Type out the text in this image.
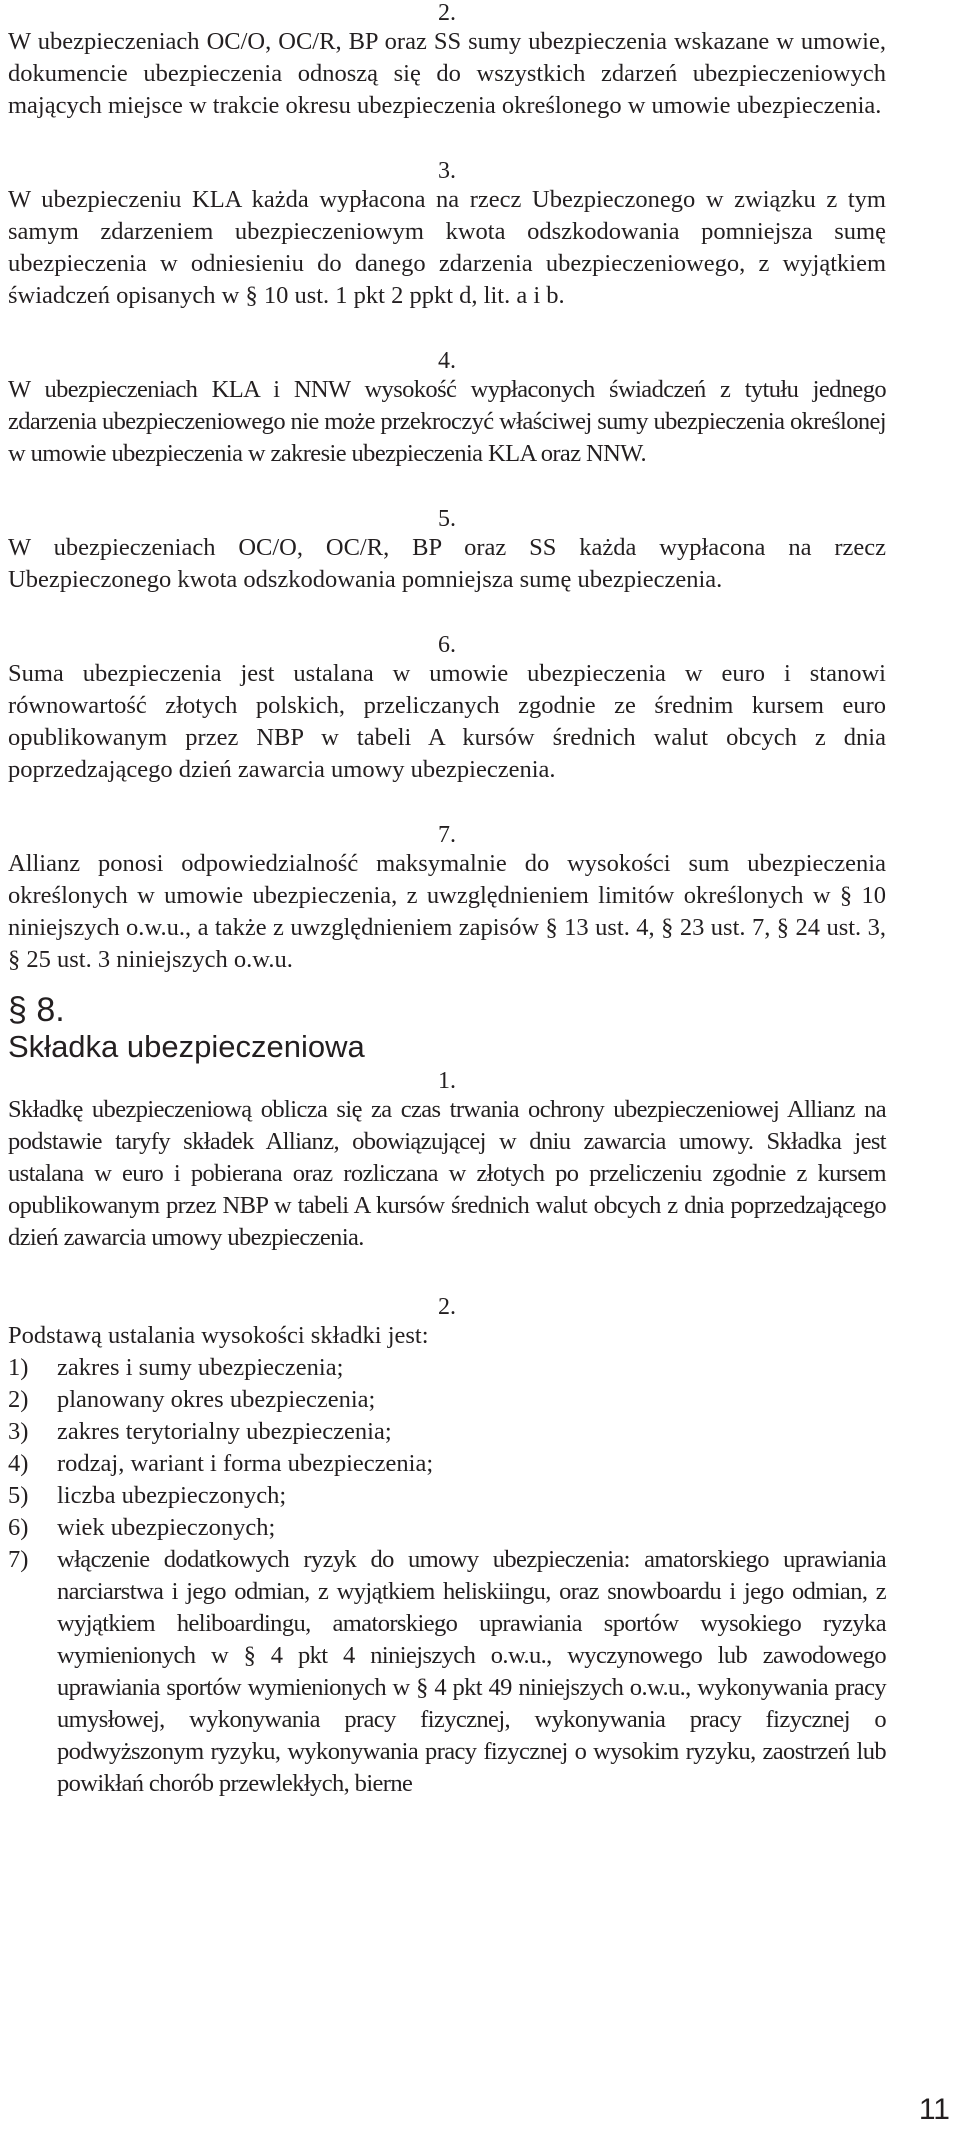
2.

W ubezpieczeniach OC/O, OC/R, BP oraz SS sumy ubezpieczenia wskazane w umowie, dokumencie ubezpieczenia odnoszą się do wszystkich zdarzeń ubezpieczeniowych mających miejsce w trakcie okresu ubezpieczenia określonego w umowie ubezpieczenia.

3.

W ubezpieczeniu KLA każda wypłacona na rzecz Ubezpieczonego w związku z tym samym zdarzeniem ubezpieczeniowym kwota odszkodowania pomniejsza sumę ubezpieczenia w odniesieniu do danego zdarzenia ubezpieczeniowego, z wyjątkiem świadczeń opisanych w § 10 ust. 1 pkt 2 ppkt d, lit. a i b.

4.

W ubezpieczeniach KLA i NNW wysokość wypłaconych świadczeń z tytułu jednego zdarzenia ubezpieczeniowego nie może przekroczyć właściwej sumy ubezpieczenia określonej w umowie ubezpieczenia w zakresie ubezpieczenia KLA oraz NNW.

5.

W ubezpieczeniach OC/O, OC/R, BP oraz SS każda wypłacona na rzecz Ubezpieczonego kwota odszkodowania pomniejsza sumę ubezpieczenia.

6.

Suma ubezpieczenia jest ustalana w umowie ubezpieczenia w euro i stanowi równowartość złotych polskich, przeliczanych zgodnie ze średnim kursem euro opublikowanym przez NBP w tabeli A kursów średnich walut obcych z dnia poprzedzającego dzień zawarcia umowy ubezpieczenia.

7.

Allianz ponosi odpowiedzialność maksymalnie do wysokości sum ubezpieczenia określonych w umowie ubezpieczenia, z uwzględnieniem limitów określonych w § 10 niniejszych o.w.u., a także z uwzględnieniem zapisów § 13 ust. 4, § 23 ust. 7, § 24 ust. 3, § 25 ust. 3 niniejszych o.w.u.

§ 8.
Składka ubezpieczeniowa
1.

Składkę ubezpieczeniową oblicza się za czas trwania ochrony ubezpieczeniowej Allianz na podstawie taryfy składek Allianz, obowiązującej w dniu zawarcia umowy. Składka jest ustalana w euro i pobierana oraz rozliczana w złotych po przeliczeniu zgodnie z kursem opublikowanym przez NBP w tabeli A kursów średnich walut obcych z dnia poprzedzającego dzień zawarcia umowy ubezpieczenia.

2.

Podstawą ustalania wysokości składki jest:

1)	zakres i sumy ubezpieczenia;
2)	planowany okres ubezpieczenia;
3)	zakres terytorialny ubezpieczenia;
4)	rodzaj, wariant i forma ubezpieczenia;
5)	liczba ubezpieczonych;
6)	wiek ubezpieczonych;
7)	włączenie dodatkowych ryzyk do umowy ubezpieczenia: amatorskiego uprawiania narciarstwa i jego odmian, z wyjątkiem heliskiingu, oraz snowboardu i jego odmian, z wyjątkiem heliboardingu, amatorskiego uprawiania sportów wysokiego ryzyka wymienionych w § 4 pkt 4 niniejszych o.w.u., wyczynowego lub zawodowego uprawiania sportów wymienionych w § 4 pkt 49 niniejszych o.w.u., wykonywania pracy umysłowej, wykonywania pracy fizycznej, wykonywania pracy fizycznej o podwyższonym ryzyku, wykonywania pracy fizycznej o wysokim ryzyku, zaostrzeń lub powikłań chorób przewlekłych, bierne
11
